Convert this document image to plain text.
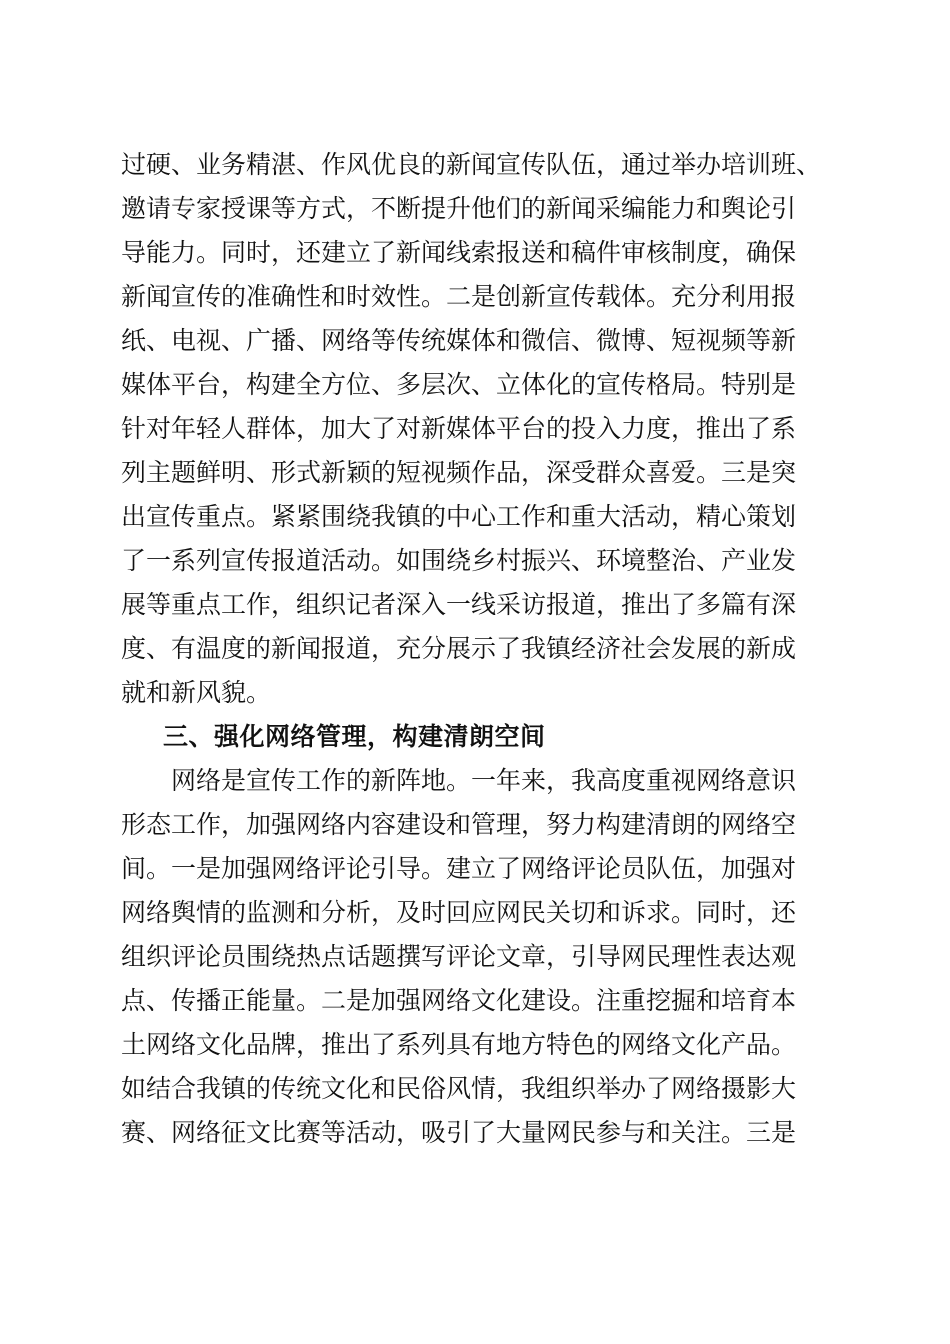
过硬、业务精湛、作风优良的新闻宣传队伍，通过举办培训班、
邀请专家授课等方式，不断提升他们的新闻采编能力和舆论引
导能力。同时，还建立了新闻线索报送和稿件审核制度，确保
新闻宣传的准确性和时效性。二是创新宣传载体。充分利用报
纸、电视、广播、网络等传统媒体和微信、微博、短视频等新
媒体平台，构建全方位、多层次、立体化的宣传格局。特别是
针对年轻人群体，加大了对新媒体平台的投入力度，推出了系
列主题鲜明、形式新颖的短视频作品，深受群众喜爱。三是突
出宣传重点。紧紧围绕我镇的中心工作和重大活动，精心策划
了一系列宣传报道活动。如围绕乡村振兴、环境整治、产业发
展等重点工作，组织记者深入一线采访报道，推出了多篇有深
度、有温度的新闻报道，充分展示了我镇经济社会发展的新成
就和新风貌。
三、强化网络管理，构建清朗空间
网络是宣传工作的新阵地。一年来，我高度重视网络意识
形态工作，加强网络内容建设和管理，努力构建清朗的网络空
间。一是加强网络评论引导。建立了网络评论员队伍，加强对
网络舆情的监测和分析，及时回应网民关切和诉求。同时，还
组织评论员围绕热点话题撰写评论文章，引导网民理性表达观
点、传播正能量。二是加强网络文化建设。注重挖掘和培育本
土网络文化品牌，推出了系列具有地方特色的网络文化产品。
如结合我镇的传统文化和民俗风情，我组织举办了网络摄影大
赛、网络征文比赛等活动，吸引了大量网民参与和关注。三是
